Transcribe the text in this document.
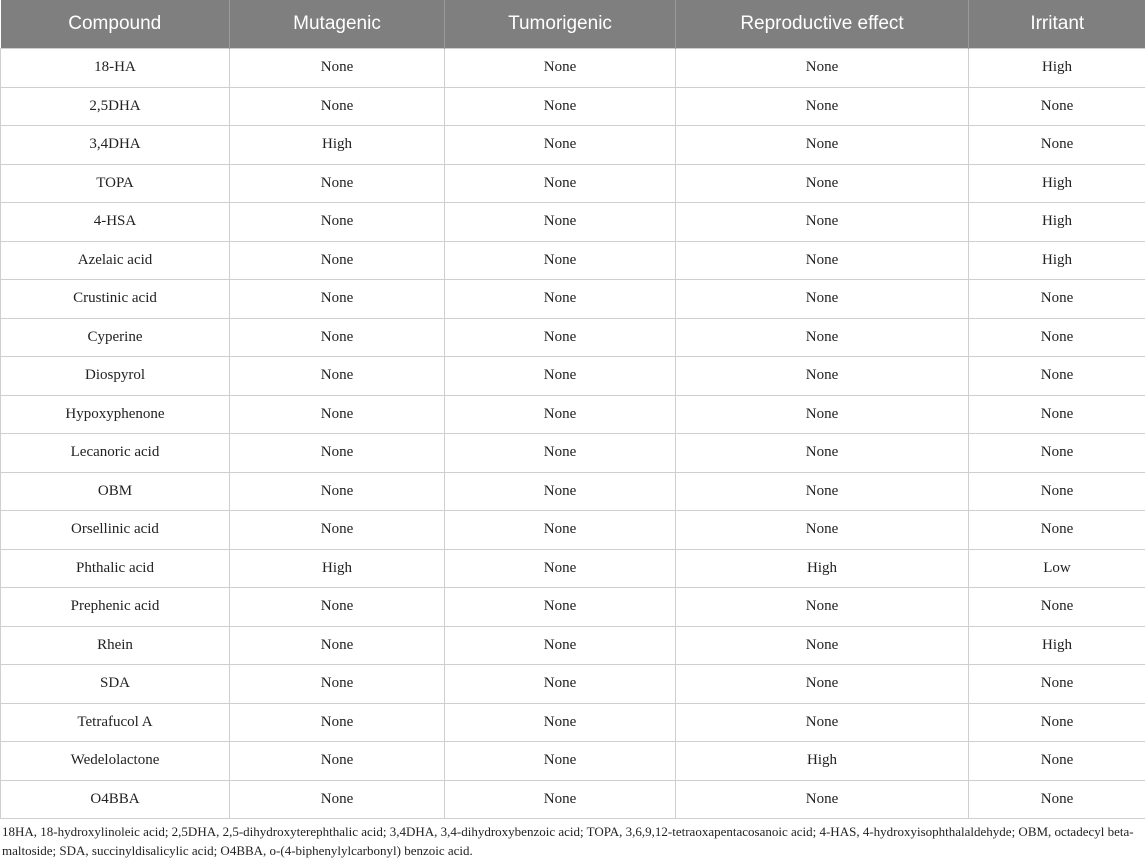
Compound	Mutagenic	Tumorigenic	Reproductive effect	Irritant
18-HA	None	None	None	High
2,5DHA	None	None	None	None
3,4DHA	High	None	None	None
TOPA	None	None	None	High
4-HSA	None	None	None	High
Azelaic acid	None	None	None	High
Crustinic acid	None	None	None	None
Cyperine	None	None	None	None
Diospyrol	None	None	None	None
Hypoxyphenone	None	None	None	None
Lecanoric acid	None	None	None	None
OBM	None	None	None	None
Orsellinic acid	None	None	None	None
Phthalic acid	High	None	High	Low
Prephenic acid	None	None	None	None
Rhein	None	None	None	High
SDA	None	None	None	None
Tetrafucol A	None	None	None	None
Wedelolactone	None	None	High	None
O4BBA	None	None	None	None

18HA, 18-hydroxylinoleic acid; 2,5DHA, 2,5-dihydroxyterephthalic acid; 3,4DHA, 3,4-dihydroxybenzoic acid; TOPA, 3,6,9,12-tetraoxapentacosanoic acid; 4-HAS, 4-hydroxyisophthalaldehyde; OBM, octadecyl beta-maltoside; SDA, succinyldisalicylic acid; O4BBA, o-(4-biphenylylcarbonyl) benzoic acid.
